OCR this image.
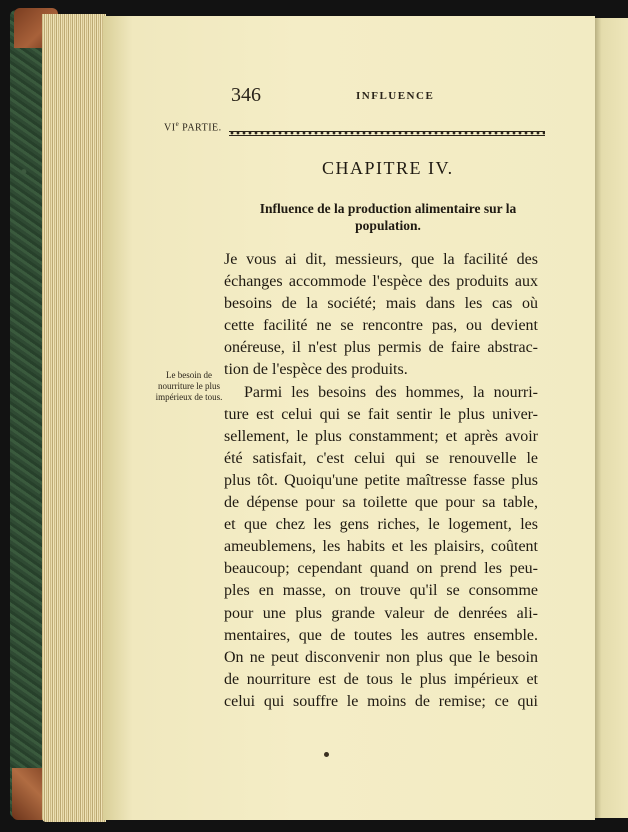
346	INFLUENCE
VIe PARTIE.
CHAPITRE IV.
Influence de la production alimentaire sur la population.
Le besoin de nourriture le plus impérieux de tous.
Je vous ai dit, messieurs, que la facilité des
échanges accommode l'espèce des produits aux
besoins de la société; mais dans les cas où
cette facilité ne se rencontre pas, ou devient
onéreuse, il n'est plus permis de faire abstrac-
tion de l'espèce des produits.
Parmi les besoins des hommes, la nourri-
ture est celui qui se fait sentir le plus univer-
sellement, le plus constamment; et après avoir
été satisfait, c'est celui qui se renouvelle le
plus tôt. Quoiqu'une petite maîtresse fasse plus
de dépense pour sa toilette que pour sa table,
et que chez les gens riches, le logement, les
ameublemens, les habits et les plaisirs, coûtent
beaucoup; cependant quand on prend les peu-
ples en masse, on trouve qu'il se consomme
pour une plus grande valeur de denrées ali-
mentaires, que de toutes les autres ensemble.
On ne peut disconvenir non plus que le besoin
de nourriture est de tous le plus impérieux et
celui qui souffre le moins de remise; ce qui
